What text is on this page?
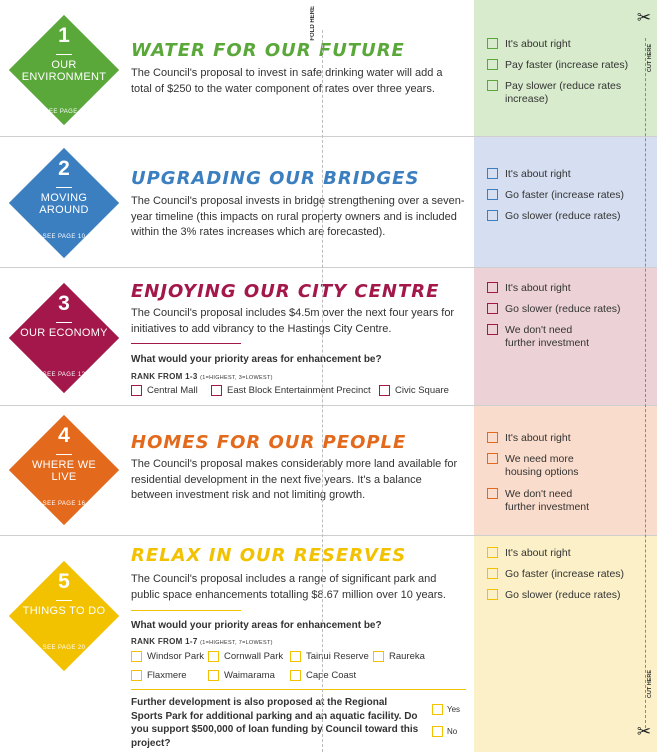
1
OUR ENVIRONMENT
SEE PAGE 6
WATER FOR OUR FUTURE
The Council's proposal to invest in safe drinking water will add a total of $250 to the water component of rates over three years.
It's about right
Pay faster (increase rates)
Pay slower (reduce rates increase)
2
MOVING AROUND
SEE PAGE 10
UPGRADING OUR BRIDGES
The Council's proposal invests in bridge strengthening over a seven-year timeline (this impacts on rural property owners and is included within the 3% rates increases which are forecasted).
It's about right
Go faster (increase rates)
Go slower (reduce rates)
3
OUR ECONOMY
SEE PAGE 12
ENJOYING OUR CITY CENTRE
The Council's proposal includes $4.5m over the next four years for initiatives to add vibrancy to the Hastings City Centre.
What would your priority areas for enhancement be?
RANK FROM 1-3 (1=HIGHEST, 3=LOWEST)
Central Mall	East Block Entertainment Precinct	Civic Square
It's about right
Go slower (reduce rates)
We don't need further investment
4
WHERE WE LIVE
SEE PAGE 16
HOMES FOR OUR PEOPLE
The Council's proposal makes considerably more land available for residential development in the next five years. It's a balance between investment risk and not limiting growth.
It's about right
We need more housing options
We don't need further investment
5
THINGS TO DO
SEE PAGE 20
RELAX IN OUR RESERVES
The Council's proposal includes a range of significant park and public space enhancements totalling $8.67 million over 10 years.
What would your priority areas for enhancement be?
RANK FROM 1-7 (1=HIGHEST, 7=LOWEST)
Windsor Park	Cornwall Park	Tainui Reserve	Raureka
Flaxmere	Waimarama	Cape Coast
Further development is also proposed at the Regional Sports Park for additional parking and an aquatic facility. Do you support $500,000 of loan funding by Council toward this project?
Yes
No
It's about right
Go faster (increase rates)
Go slower (reduce rates)
FOLD HERE	✂
CUT HERE
CUT HERE
✂
